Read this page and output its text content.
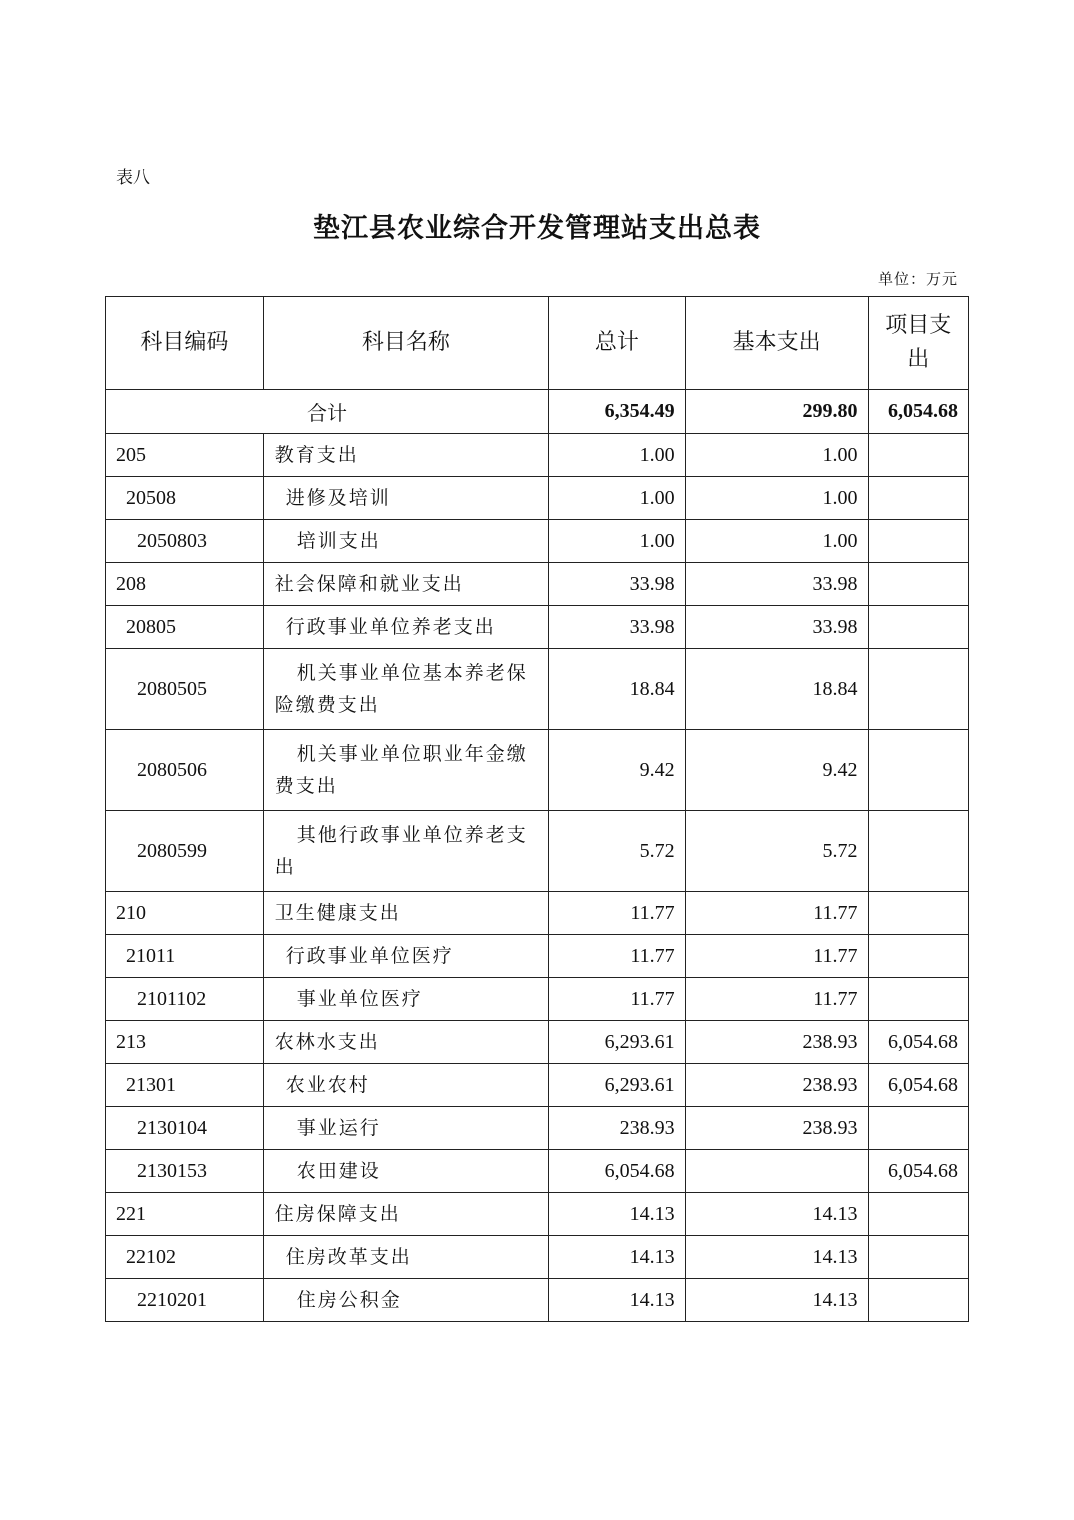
表八
垫江县农业综合开发管理站支出总表
单位：万元
科目编码	科目名称	总计	基本支出	项目支
出
合计		6,354.49	299.80	6,054.68
205	教育支出	1.00	1.00	
20508	进修及培训	1.00	1.00	
2050803	培训支出	1.00	1.00	
208	社会保障和就业支出	33.98	33.98	
20805	行政事业单位养老支出	33.98	33.98	
2080505	机关事业单位基本养老保险缴费支出	18.84	18.84	
2080506	机关事业单位职业年金缴费支出	9.42	9.42	
2080599	其他行政事业单位养老支出	5.72	5.72	
210	卫生健康支出	11.77	11.77	
21011	行政事业单位医疗	11.77	11.77	
2101102	事业单位医疗	11.77	11.77	
213	农林水支出	6,293.61	238.93	6,054.68
21301	农业农村	6,293.61	238.93	6,054.68
2130104	事业运行	238.93	238.93	
2130153	农田建设	6,054.68		6,054.68
221	住房保障支出	14.13	14.13	
22102	住房改革支出	14.13	14.13	
2210201	住房公积金	14.13	14.13	
